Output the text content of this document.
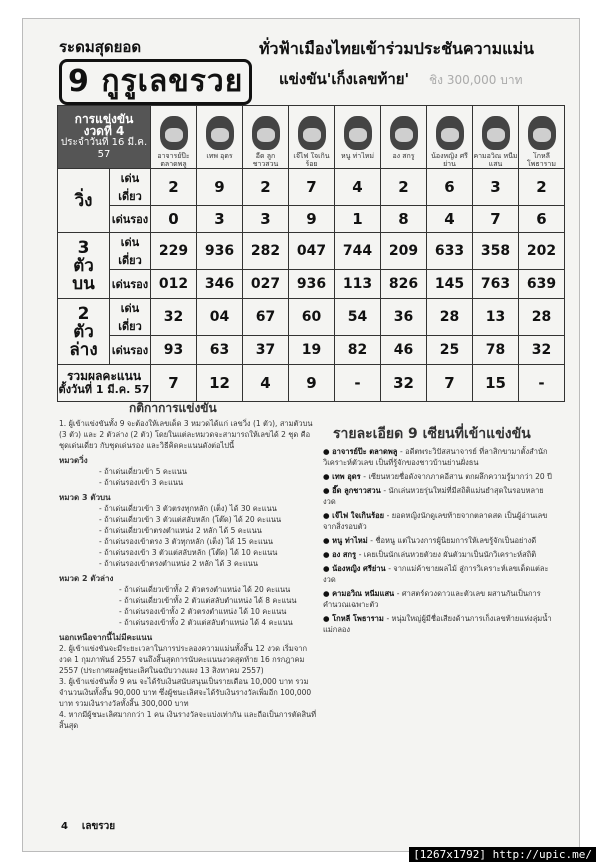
ระดมสุดยอด
9 กูรูเลขรวย
ทั่วฟ้าเมืองไทยเข้าร่วมประชันความแม่น
แข่งขัน'เก็งเลขท้าย' ชิง 300,000 บาท
การแข่งขัน
งวดที่ 4
ประจำวันที่ 16 มี.ค. 57		อาจารย์ป๊ะ ตลาดพลู	เทพ อุดร	อี๊ด ลูกชาวสวน	เจ๊ไฟ ใจเกินร้อย	หนู ท่าไหม่	อง สกรู	น้องหญิง ศรีย่าน	คามอวิณ หนีมแสน	โกหลี โพธาราม

วิ่ง	เด่นเดี่ยว	2	9	2	7	4	2	6	3	2
	เด่นรอง	0	3	3	9	1	8	4	7	6

3
ตัว
บน	เด่นเดี่ยว	229	936	282	047	744	209	633	358	202
	เด่นรอง	012	346	027	936	113	826	145	763	639

2
ตัว
ล่าง	เด่นเดี่ยว	32	04	67	60	54	36	28	13	28
	เด่นรอง	93	63	37	19	82	46	25	78	32

รวมผลคะแนน
ตั้งวันที่ 1 มี.ค. 57		7	12	4	9	-	32	7	15	-
กติกาการแข่งขัน
1. ผู้เข้าแข่งขันทั้ง 9 จะต้องให้เลขเด็ด 3 หมวดได้แก่ เลขวิ่ง (1 ตัว), สามตัวบน (3 ตัว) และ 2 ตัวล่าง (2 ตัว) โดยในแต่ละหมวดจะสามารถให้เลขได้ 2 ชุด คือ ชุดเด่นเดี่ยว กับชุดเด่นรอง และวิธีคิดคะแนนดังต่อไปนี้
หมวดวิ่ง
- ถ้าเด่นเดี่ยวเข้า 5 คะแนน
- ถ้าเด่นรองเข้า 3 คะแนน
หมวด 3 ตัวบน
- ถ้าเด่นเดี่ยวเข้า 3 ตัวตรงทุกหลัก (เต็ง) ได้ 30 คะแนน
- ถ้าเด่นเดี่ยวเข้า 3 ตัวแต่สลับหลัก (โต๊ด) ได้ 20 คะแนน
- ถ้าเด่นเดี่ยวเข้าตรงตำแหน่ง 2 หลัก ได้ 5 คะแนน
- ถ้าเด่นรองเข้าตรง 3 ตัวทุกหลัก (เต็ง) ได้ 15 คะแนน
- ถ้าเด่นรองเข้า 3 ตัวแต่สลับหลัก (โต๊ด) ได้ 10 คะแนน
- ถ้าเด่นรองเข้าตรงตำแหน่ง 2 หลัก ได้ 3 คะแนน
หมวด 2 ตัวล่าง
- ถ้าเด่นเดี่ยวเข้าทั้ง 2 ตัวตรงตำแหน่ง ได้ 20 คะแนน
- ถ้าเด่นเดี่ยวเข้าทั้ง 2 ตัวแต่สลับตำแหน่ง ได้ 8 คะแนน
- ถ้าเด่นรองเข้าทั้ง 2 ตัวตรงตำแหน่ง ได้ 10 คะแนน
- ถ้าเด่นรองเข้าทั้ง 2 ตัวแต่สลับตำแหน่ง ได้ 4 คะแนน
นอกเหนือจากนี้ไม่มีคะแนน
2. ผู้เข้าแข่งขันจะมีระยะเวลาในการประลองความแม่นทั้งสิ้น 12 งวด เริ่มจากงวด 1 กุมภาพันธ์ 2557 จนถึงสิ้นสุดการนับคะแนนงวดสุดท้าย 16 กรกฎาคม 2557 (ประกาศผลผู้ชนะเลิศในฉบับวางแผง 13 สิงหาคม 2557)
3. ผู้เข้าแข่งขันทั้ง 9 คน จะได้รับเงินสนับสนุนเป็นรายเดือน 10,000 บาท รวมจำนวนเงินทั้งสิ้น 90,000 บาท ซึ่งผู้ชนะเลิศจะได้รับเงินรางวัลเพิ่มอีก 100,000 บาท รวมเงินรางวัลทั้งสิ้น 300,000 บาท
4. หากมีผู้ชนะเลิศมากกว่า 1 คน เงินรางวัลจะแบ่งเท่ากัน และถือเป็นการตัดสินที่สิ้นสุด
รายละเอียด 9 เซียนที่เข้าแข่งขัน
● อาจารย์ป๊ะ ตลาดพลู - อดีตพระวิปัสสนาจารย์ ที่ลาสิกขามาตั้งสำนักวิเคราะห์ตัวเลข เป็นที่รู้จักของชาวบ้านย่านฝั่งธน
● เทพ อุดร - เซียนหวยชื่อดังจากภาคอีสาน ตกผลึกความรู้มากว่า 20 ปี
● อี๊ด ลูกชาวสวน - นักเล่นหวยรุ่นใหม่ที่มีสถิติแม่นยำสุดในรอบหลายงวด
● เจ๊ไฟ ใจเกินร้อย - ยอดหญิงนักดูเลขท้ายจากตลาดสด เป็นผู้อ่านเลขจากสิ่งรอบตัว
● หนู ท่าไหม่ - ชื่อหนู แต่ในวงการผู้นิยมการให้เลขรู้จักเป็นอย่างดี
● อง สกรู - เคยเป็นนักเล่นหวยตัวยง ผันตัวมาเป็นนักวิเคราะห์สถิติ
● น้องหญิง ศรีย่าน - จากแม่ค้าขายผลไม้ สู่การวิเคราะห์เลขเด็ดแต่ละงวด
● คามอวิณ หนีมแสน - ศาสตร์ดวงดาวและตัวเลข ผสานกันเป็นการคำนวณเฉพาะตัว
● โกหลี โพธาราม - หนุ่มใหญ่ผู้มีชื่อเสียงด้านการเก็งเลขท้ายแห่งลุ่มน้ำแม่กลอง
4 เลขรวย
[1267x1792] http://upic.me/
